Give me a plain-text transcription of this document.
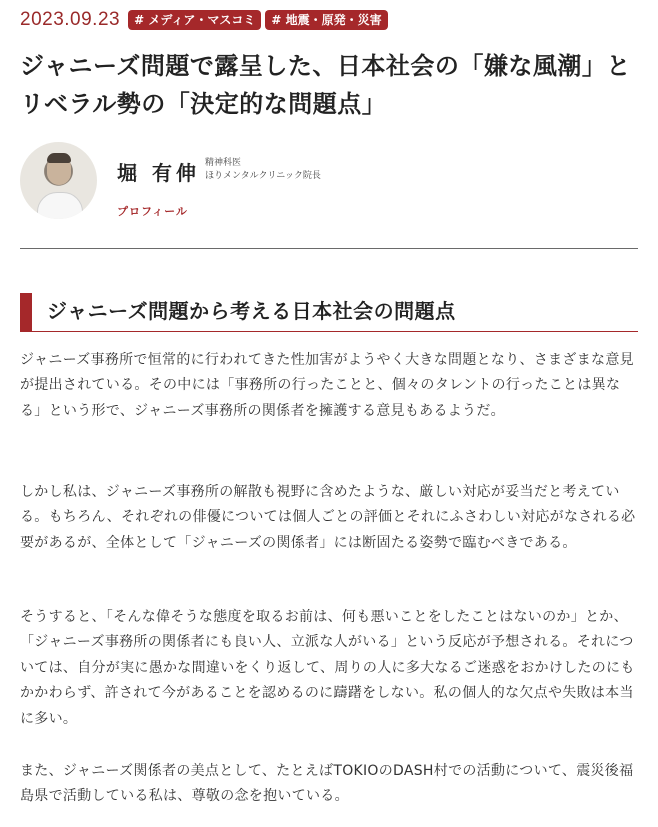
2023.09.23	# メディア・マスコミ	# 地震・原発・災害
ジャニーズ問題で露呈した、日本社会の「嫌な風潮」とリベラル勢の「決定的な問題点」
堀 有伸 精神科医
ほりメンタルクリニック院長
プロフィール
ジャニーズ問題から考える日本社会の問題点

ジャニーズ事務所で恒常的に行われてきた性加害がようやく大きな問題となり、さまざまな意見が提出されている。その中には「事務所の行ったことと、個々のタレントの行ったことは異なる」という形で、ジャニーズ事務所の関係者を擁護する意見もあるようだ。

しかし私は、ジャニーズ事務所の解散も視野に含めたような、厳しい対応が妥当だと考えている。もちろん、それぞれの俳優については個人ごとの評価とそれにふさわしい対応がなされる必要があるが、全体として「ジャニーズの関係者」には断固たる姿勢で臨むべきである。

そうすると、「そんな偉そうな態度を取るお前は、何も悪いことをしたことはないのか」とか、「ジャニーズ事務所の関係者にも良い人、立派な人がいる」という反応が予想される。それについては、自分が実に愚かな間違いをくり返して、周りの人に多大なるご迷惑をおかけしたのにもかかわらず、許されて今があることを認めるのに躊躇をしない。私の個人的な欠点や失敗は本当に多い。

また、ジャニーズ関係者の美点として、たとえばTOKIOのDASH村での活動について、震災後福島県で活動している私は、尊敬の念を抱いている。
